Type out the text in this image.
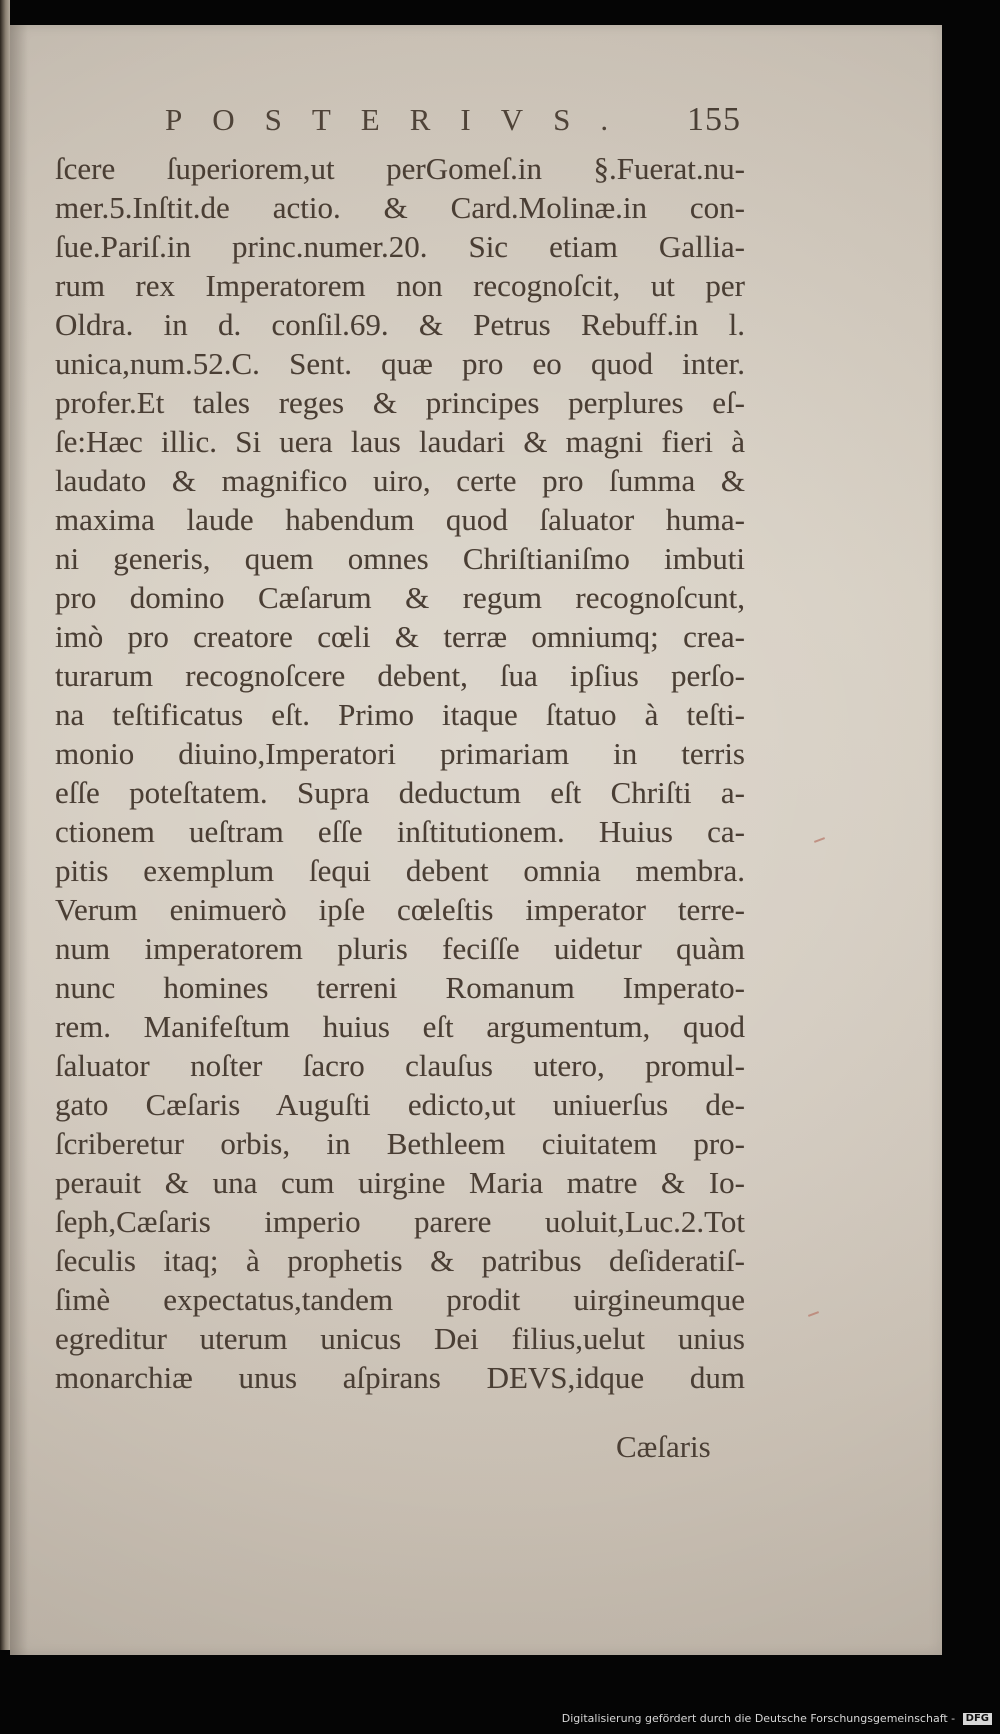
POSTERIVS.	155
ſcere ſuperiorem,ut perGomeſ.in §.Fuerat.nu-
mer.5.Inſtit.de actio. & Card.Molinæ.in con-
ſue.Pariſ.in princ.numer.20. Sic etiam Gallia-
rum rex Imperatorem non recognoſcit, ut per
Oldra. in d. conſil.69. & Petrus Rebuff.in l.
unica,num.52.C. Sent. quæ pro eo quod inter.
profer.Et tales reges & principes perplures eſ-
ſe:Hæc illic. Si uera laus laudari & magni fieri à
laudato & magnifico uiro, certe pro ſumma &
maxima laude habendum quod ſaluator huma-
ni generis, quem omnes Chriſtianiſmo imbuti
pro domino Cæſarum & regum recognoſcunt,
imò pro creatore cœli & terræ omniumq; crea-
turarum recognoſcere debent, ſua ipſius perſo-
na teſtificatus eſt. Primo itaque ſtatuo à teſti-
monio diuino,Imperatori primariam in terris
eſſe poteſtatem. Supra deductum eſt Chriſti a-
ctionem ueſtram eſſe inſtitutionem. Huius ca-
pitis exemplum ſequi debent omnia membra.
Verum enimuerò ipſe cœleſtis imperator terre-
num imperatorem pluris feciſſe uidetur quàm
nunc homines terreni Romanum Imperato-
rem. Manifeſtum huius eſt argumentum, quod
ſaluator noſter ſacro clauſus utero, promul-
gato Cæſaris Auguſti edicto,ut uniuerſus de-
ſcriberetur orbis, in Bethleem ciuitatem pro-
perauit & una cum uirgine Maria matre & Io-
ſeph,Cæſaris imperio parere uoluit,Luc.2.Tot
ſeculis itaq; à prophetis & patribus deſideratiſ-
ſimè expectatus,tandem prodit uirgineumque
egreditur uterum unicus Dei filius,uelut unius
monarchiæ unus aſpirans DEVS,idque dum
Cæſaris
Digitalisierung gefördert durch die Deutsche Forschungsgemeinschaft - DFG
